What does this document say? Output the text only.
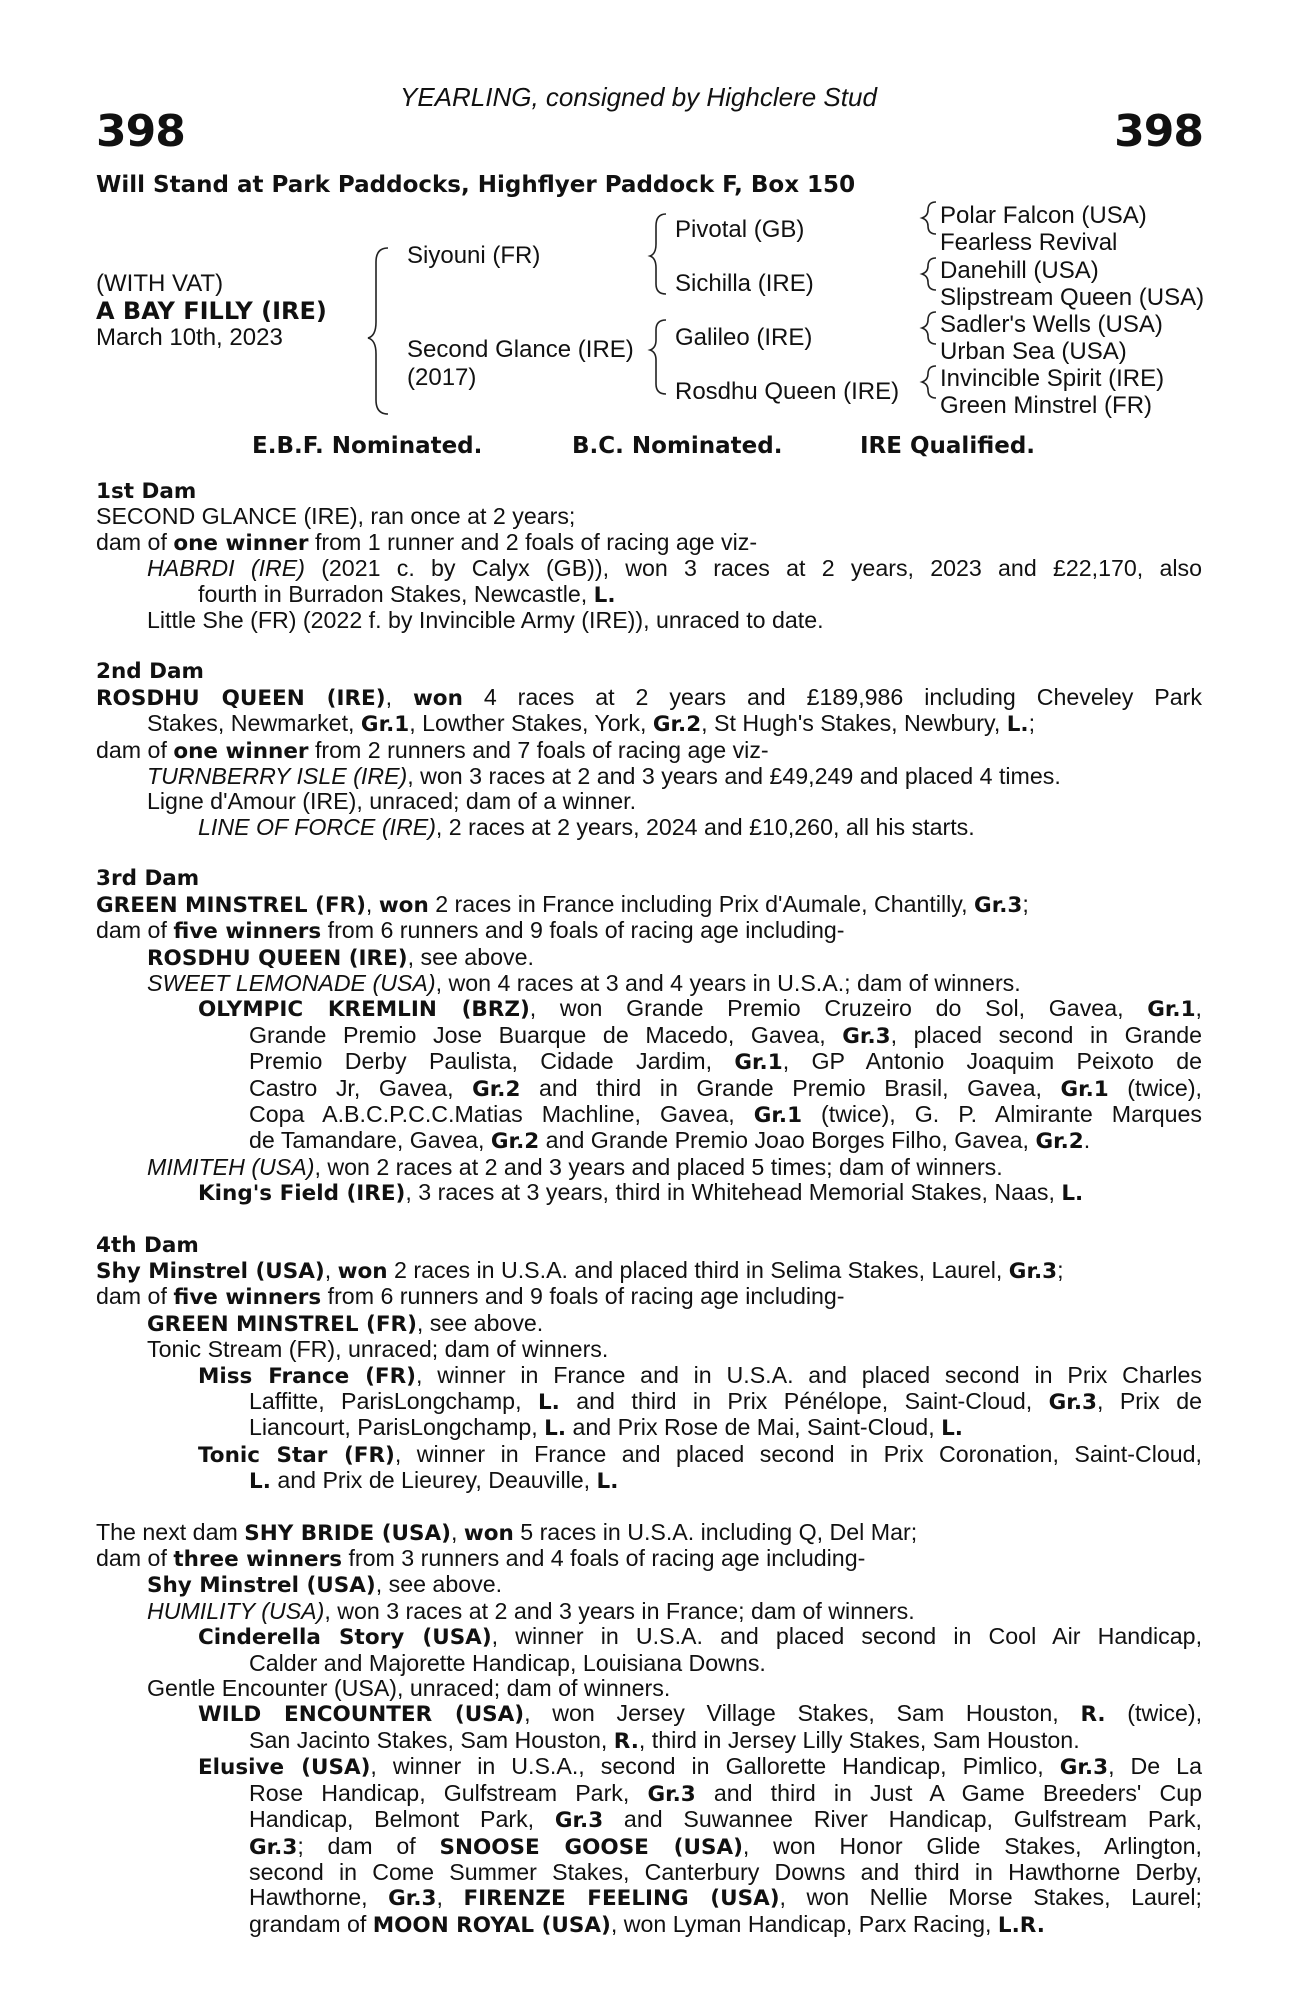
398	398
YEARLING, consigned by Highclere Stud
Will Stand at Park Paddocks, Highflyer Paddock F, Box 150
(WITH VAT)
A BAY FILLY (IRE)
March 10th, 2023
Siyouni (FR)
Second Glance (IRE)
(2017)
Pivotal (GB)
Sichilla (IRE)
Galileo (IRE)
Rosdhu Queen (IRE)
Polar Falcon (USA)
Fearless Revival
Danehill (USA)
Slipstream Queen (USA)
Sadler's Wells (USA)
Urban Sea (USA)
Invincible Spirit (IRE)
Green Minstrel (FR)
E.B.F. Nominated.	B.C. Nominated.	IRE Qualified.
1st Dam
SECOND GLANCE (IRE), ran once at 2 years;
dam of one winner from 1 runner and 2 foals of racing age viz-
HABRDI (IRE) (2021 c. by Calyx (GB)), won 3 races at 2 years, 2023 and £22,170, also
fourth in Burradon Stakes, Newcastle, L.
Little She (FR) (2022 f. by Invincible Army (IRE)), unraced to date.
2nd Dam
ROSDHU QUEEN (IRE), won 4 races at 2 years and £189,986 including Cheveley Park
Stakes, Newmarket, Gr.1, Lowther Stakes, York, Gr.2, St Hugh's Stakes, Newbury, L.;
dam of one winner from 2 runners and 7 foals of racing age viz-
TURNBERRY ISLE (IRE), won 3 races at 2 and 3 years and £49,249 and placed 4 times.
Ligne d'Amour (IRE), unraced; dam of a winner.
LINE OF FORCE (IRE), 2 races at 2 years, 2024 and £10,260, all his starts.
3rd Dam
GREEN MINSTREL (FR), won 2 races in France including Prix d'Aumale, Chantilly, Gr.3;
dam of five winners from 6 runners and 9 foals of racing age including-
ROSDHU QUEEN (IRE), see above.
SWEET LEMONADE (USA), won 4 races at 3 and 4 years in U.S.A.; dam of winners.
OLYMPIC KREMLIN (BRZ), won Grande Premio Cruzeiro do Sol, Gavea, Gr.1,
Grande Premio Jose Buarque de Macedo, Gavea, Gr.3, placed second in Grande
Premio Derby Paulista, Cidade Jardim, Gr.1, GP Antonio Joaquim Peixoto de
Castro Jr, Gavea, Gr.2 and third in Grande Premio Brasil, Gavea, Gr.1 (twice),
Copa A.B.C.P.C.C.Matias Machline, Gavea, Gr.1 (twice), G. P. Almirante Marques
de Tamandare, Gavea, Gr.2 and Grande Premio Joao Borges Filho, Gavea, Gr.2.
MIMITEH (USA), won 2 races at 2 and 3 years and placed 5 times; dam of winners.
King's Field (IRE), 3 races at 3 years, third in Whitehead Memorial Stakes, Naas, L.
4th Dam
Shy Minstrel (USA), won 2 races in U.S.A. and placed third in Selima Stakes, Laurel, Gr.3;
dam of five winners from 6 runners and 9 foals of racing age including-
GREEN MINSTREL (FR), see above.
Tonic Stream (FR), unraced; dam of winners.
Miss France (FR), winner in France and in U.S.A. and placed second in Prix Charles
Laffitte, ParisLongchamp, L. and third in Prix Pénélope, Saint-Cloud, Gr.3, Prix de
Liancourt, ParisLongchamp, L. and Prix Rose de Mai, Saint-Cloud, L.
Tonic Star (FR), winner in France and placed second in Prix Coronation, Saint-Cloud,
L. and Prix de Lieurey, Deauville, L.
The next dam SHY BRIDE (USA), won 5 races in U.S.A. including Q, Del Mar;
dam of three winners from 3 runners and 4 foals of racing age including-
Shy Minstrel (USA), see above.
HUMILITY (USA), won 3 races at 2 and 3 years in France; dam of winners.
Cinderella Story (USA), winner in U.S.A. and placed second in Cool Air Handicap,
Calder and Majorette Handicap, Louisiana Downs.
Gentle Encounter (USA), unraced; dam of winners.
WILD ENCOUNTER (USA), won Jersey Village Stakes, Sam Houston, R. (twice),
San Jacinto Stakes, Sam Houston, R., third in Jersey Lilly Stakes, Sam Houston.
Elusive (USA), winner in U.S.A., second in Gallorette Handicap, Pimlico, Gr.3, De La
Rose Handicap, Gulfstream Park, Gr.3 and third in Just A Game Breeders' Cup
Handicap, Belmont Park, Gr.3 and Suwannee River Handicap, Gulfstream Park,
Gr.3; dam of SNOOSE GOOSE (USA), won Honor Glide Stakes, Arlington,
second in Come Summer Stakes, Canterbury Downs and third in Hawthorne Derby,
Hawthorne, Gr.3, FIRENZE FEELING (USA), won Nellie Morse Stakes, Laurel;
grandam of MOON ROYAL (USA), won Lyman Handicap, Parx Racing, L.R.
